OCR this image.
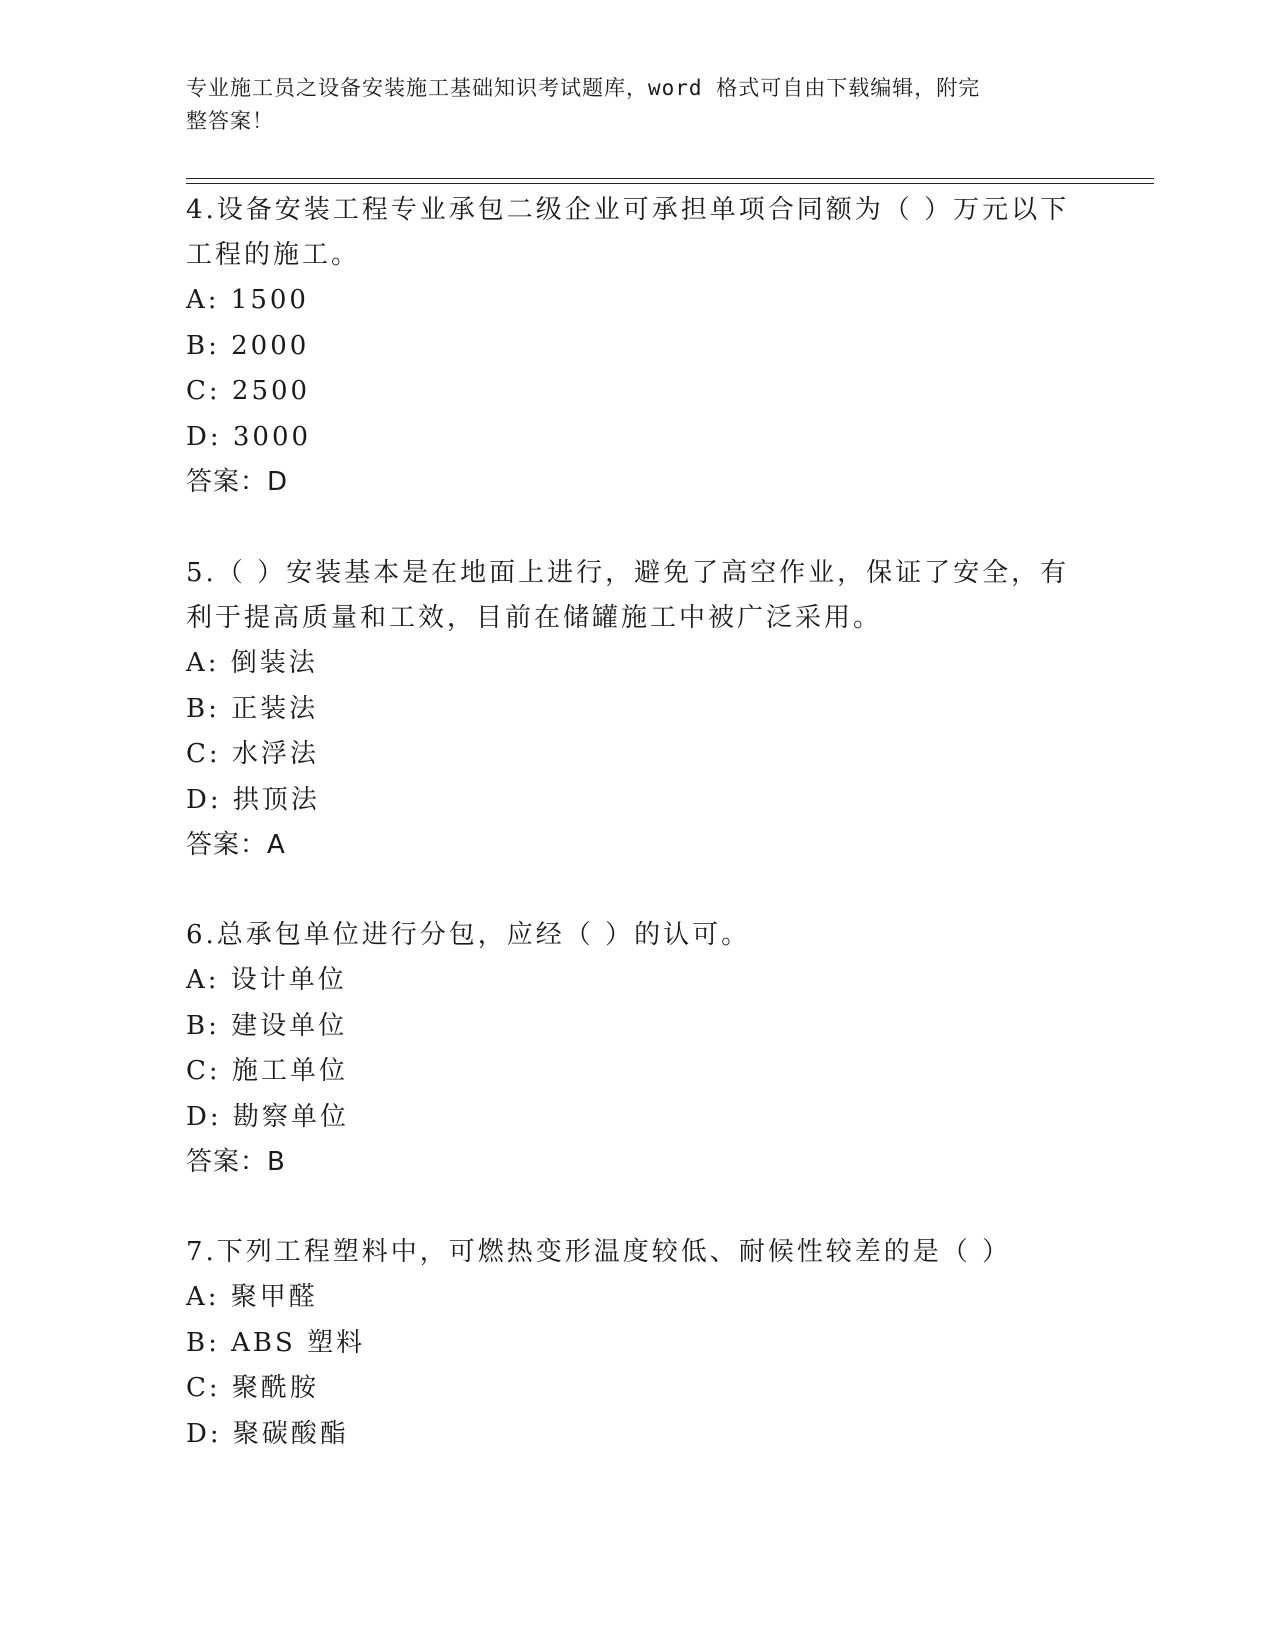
专业施工员之设备安装施工基础知识考试题库，word 格式可自由下载编辑，附完
整答案！

4.设备安装工程专业承包二级企业可承担单项合同额为（ ）万元以下

工程的施工。

A: 1500

B: 2000

C: 2500

D: 3000

答案：D

5.（ ）安装基本是在地面上进行，避免了高空作业，保证了安全，有

利于提高质量和工效，目前在储罐施工中被广泛采用。

A: 倒装法

B: 正装法

C: 水浮法

D: 拱顶法

答案：A

6.总承包单位进行分包，应经（ ）的认可。

A: 设计单位

B: 建设单位

C: 施工单位

D: 勘察单位

答案：B

7.下列工程塑料中，可燃热变形温度较低、耐候性较差的是（ ）

A: 聚甲醛

B: ABS 塑料

C: 聚酰胺

D: 聚碳酸酯
